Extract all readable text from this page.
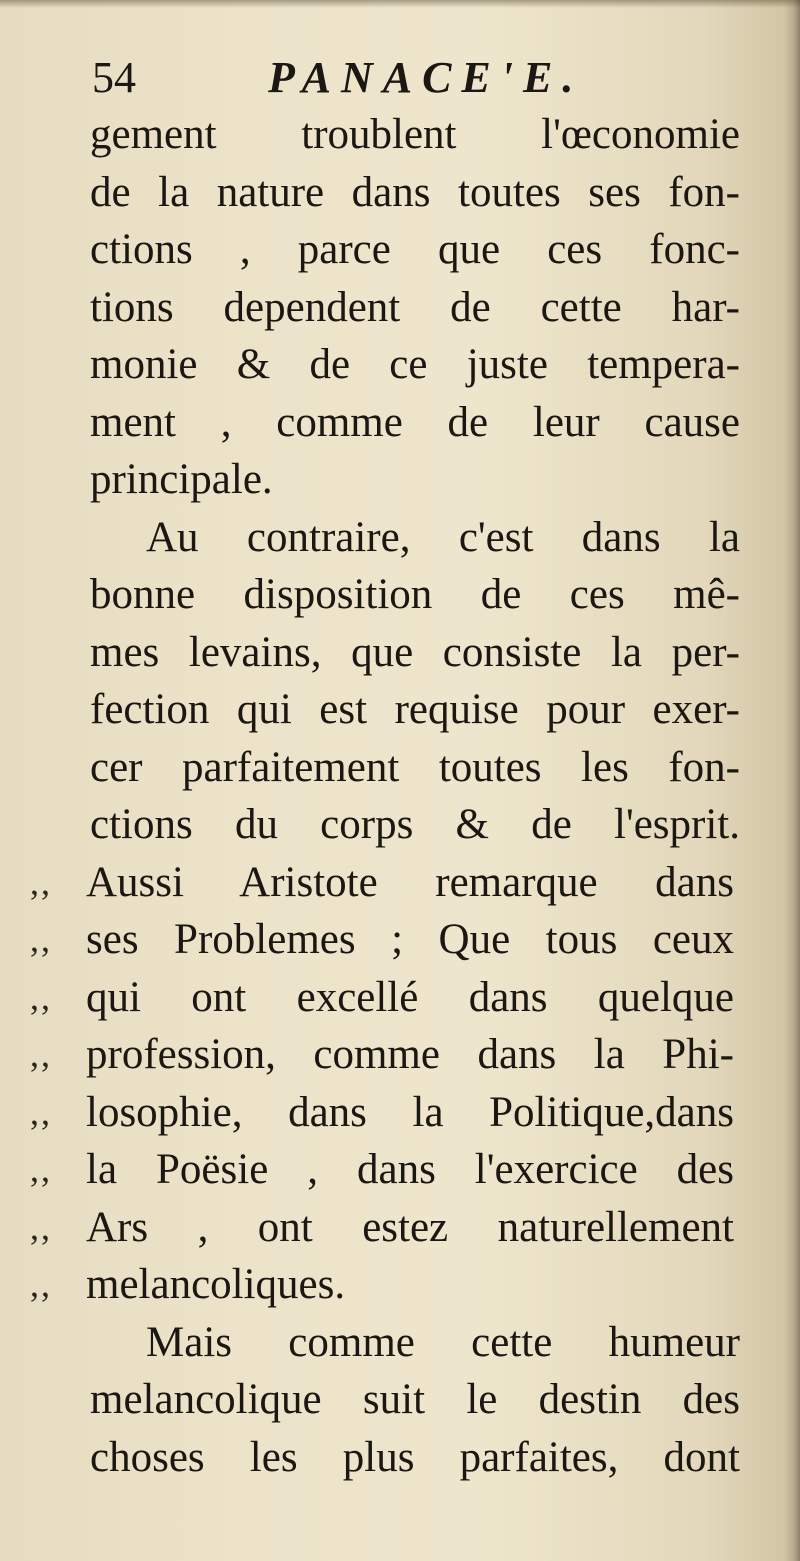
54	PANACE'E.
gement troublent l'œconomie
de la nature dans toutes ses fon-
ctions , parce que ces fonc-
tions dependent de cette har-
monie & de ce juste tempera-
ment , comme de leur cause
principale.
Au contraire, c'est dans la
bonne disposition de ces mê-
mes levains, que consiste la per-
fection qui est requise pour exer-
cer parfaitement toutes les fon-
ctions du corps & de l'esprit.
,, Aussi Aristote remarque dans
,, ses Problemes ; Que tous ceux
,, qui ont excellé dans quelque
,, profession, comme dans la Phi-
,, losophie, dans la Politique,dans
,, la Poësie , dans l'exercice des
,, Ars , ont estez naturellement
,, melancoliques.
Mais comme cette humeur
melancolique suit le destin des
choses les plus parfaites, dont
